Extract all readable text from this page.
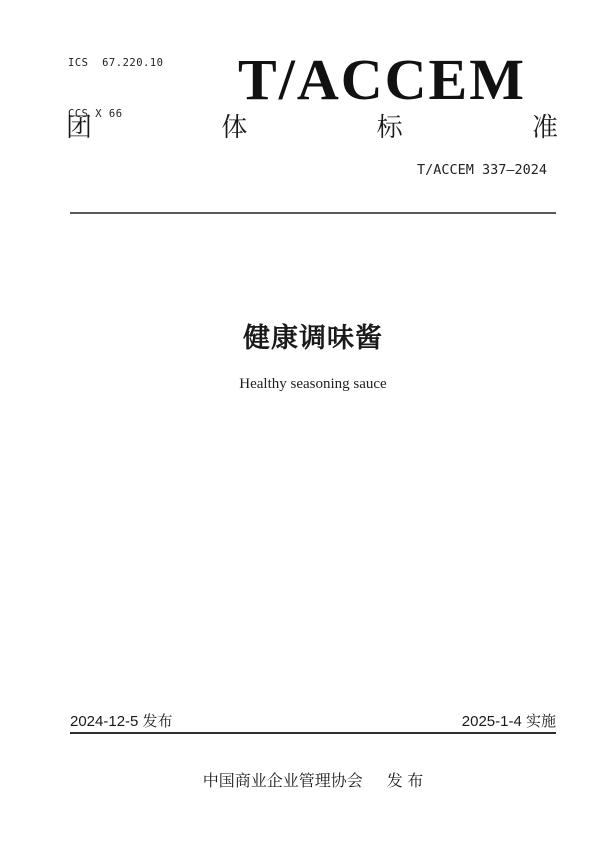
ICS  67.220.10

CCS X 66

T/ACCEM
团	体	标	准
T/ACCEM 337—2024
健康调味酱
Healthy seasoning sauce
2024-12-5 发布	2025-1-4 实施
中国商业企业管理协会 发 布
